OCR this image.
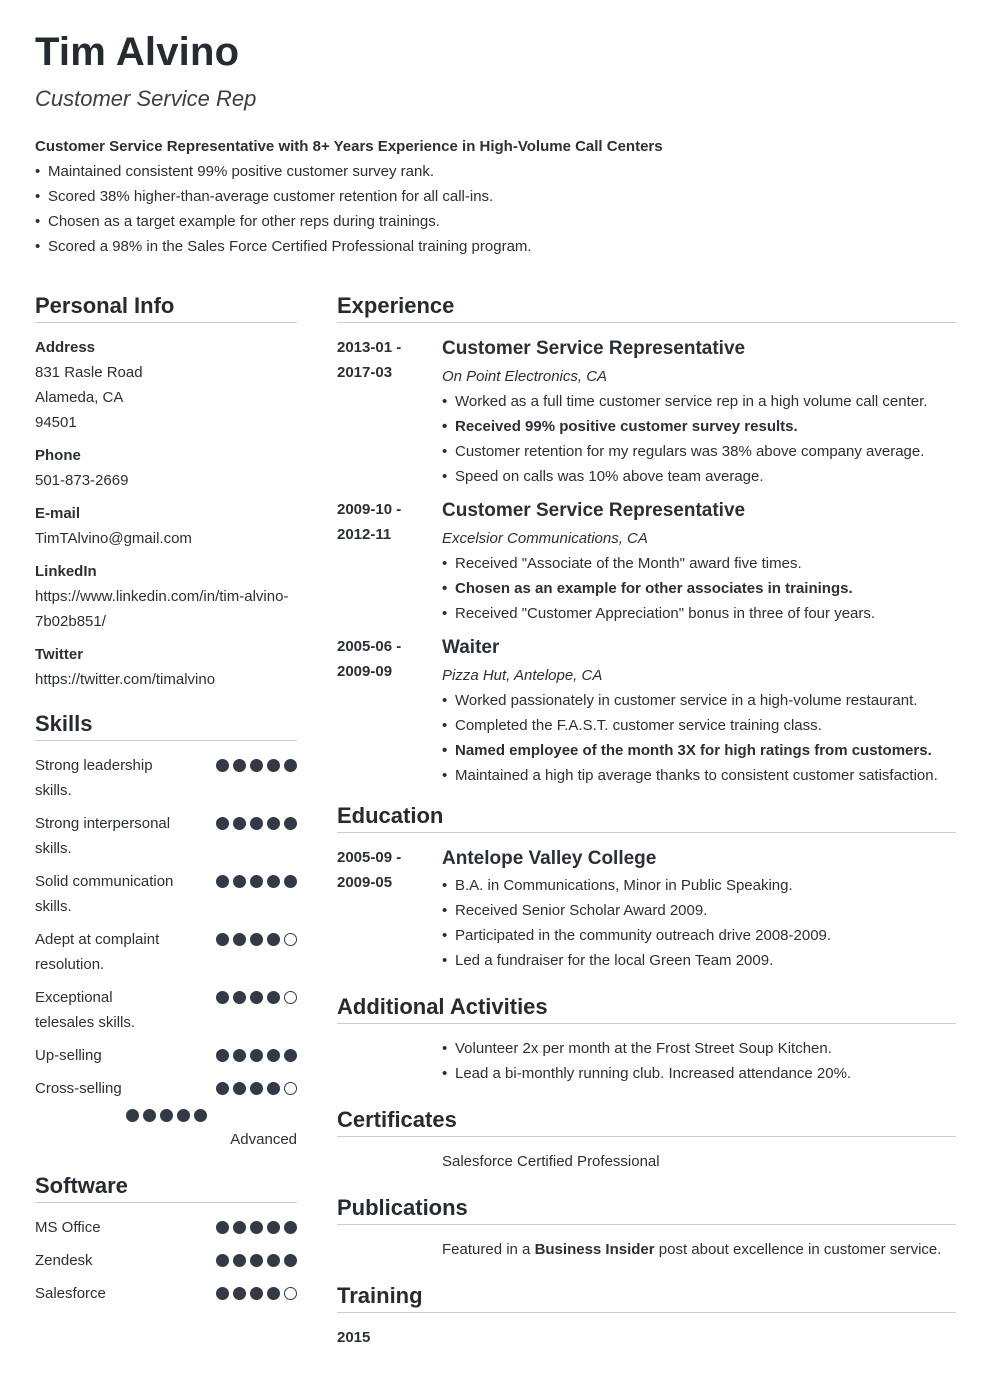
Tim Alvino
Customer Service Rep
Customer Service Representative with 8+ Years Experience in High-Volume Call Centers
• Maintained consistent 99% positive customer survey rank.
• Scored 38% higher-than-average customer retention for all call-ins.
• Chosen as a target example for other reps during trainings.
• Scored a 98% in the Sales Force Certified Professional training program.
Personal Info
Address
831 Rasle Road
Alameda, CA
94501
Phone
501-873-2669
E-mail
TimTAlvino@gmail.com
LinkedIn
https://www.linkedin.com/in/tim-alvino-
7b02b851/
Twitter
https://twitter.com/timalvino
Skills
Strong leadership skills.
Strong interpersonal skills.
Solid communication skills.
Adept at complaint resolution.
Exceptional telesales skills.
Up-selling
Cross-selling
Advanced
Software
MS Office
Zendesk
Salesforce
Experience
2013-01 -
2017-03
Customer Service Representative
On Point Electronics, CA
• Worked as a full time customer service rep in a high volume call center.
• Received 99% positive customer survey results.
• Customer retention for my regulars was 38% above company average.
• Speed on calls was 10% above team average.
2009-10 -
2012-11
Customer Service Representative
Excelsior Communications, CA
• Received "Associate of the Month" award five times.
• Chosen as an example for other associates in trainings.
• Received "Customer Appreciation" bonus in three of four years.
2005-06 -
2009-09
Waiter
Pizza Hut, Antelope, CA
• Worked passionately in customer service in a high-volume restaurant.
• Completed the F.A.S.T. customer service training class.
• Named employee of the month 3X for high ratings from customers.
• Maintained a high tip average thanks to consistent customer satisfaction.
Education
2005-09 -
2009-05
Antelope Valley College
• B.A. in Communications, Minor in Public Speaking.
• Received Senior Scholar Award 2009.
• Participated in the community outreach drive 2008-2009.
• Led a fundraiser for the local Green Team 2009.
Additional Activities
• Volunteer 2x per month at the Frost Street Soup Kitchen.
• Lead a bi-monthly running club. Increased attendance 20%.
Certificates
Salesforce Certified Professional
Publications
Featured in a Business Insider post about excellence in customer service.
Training
2015
